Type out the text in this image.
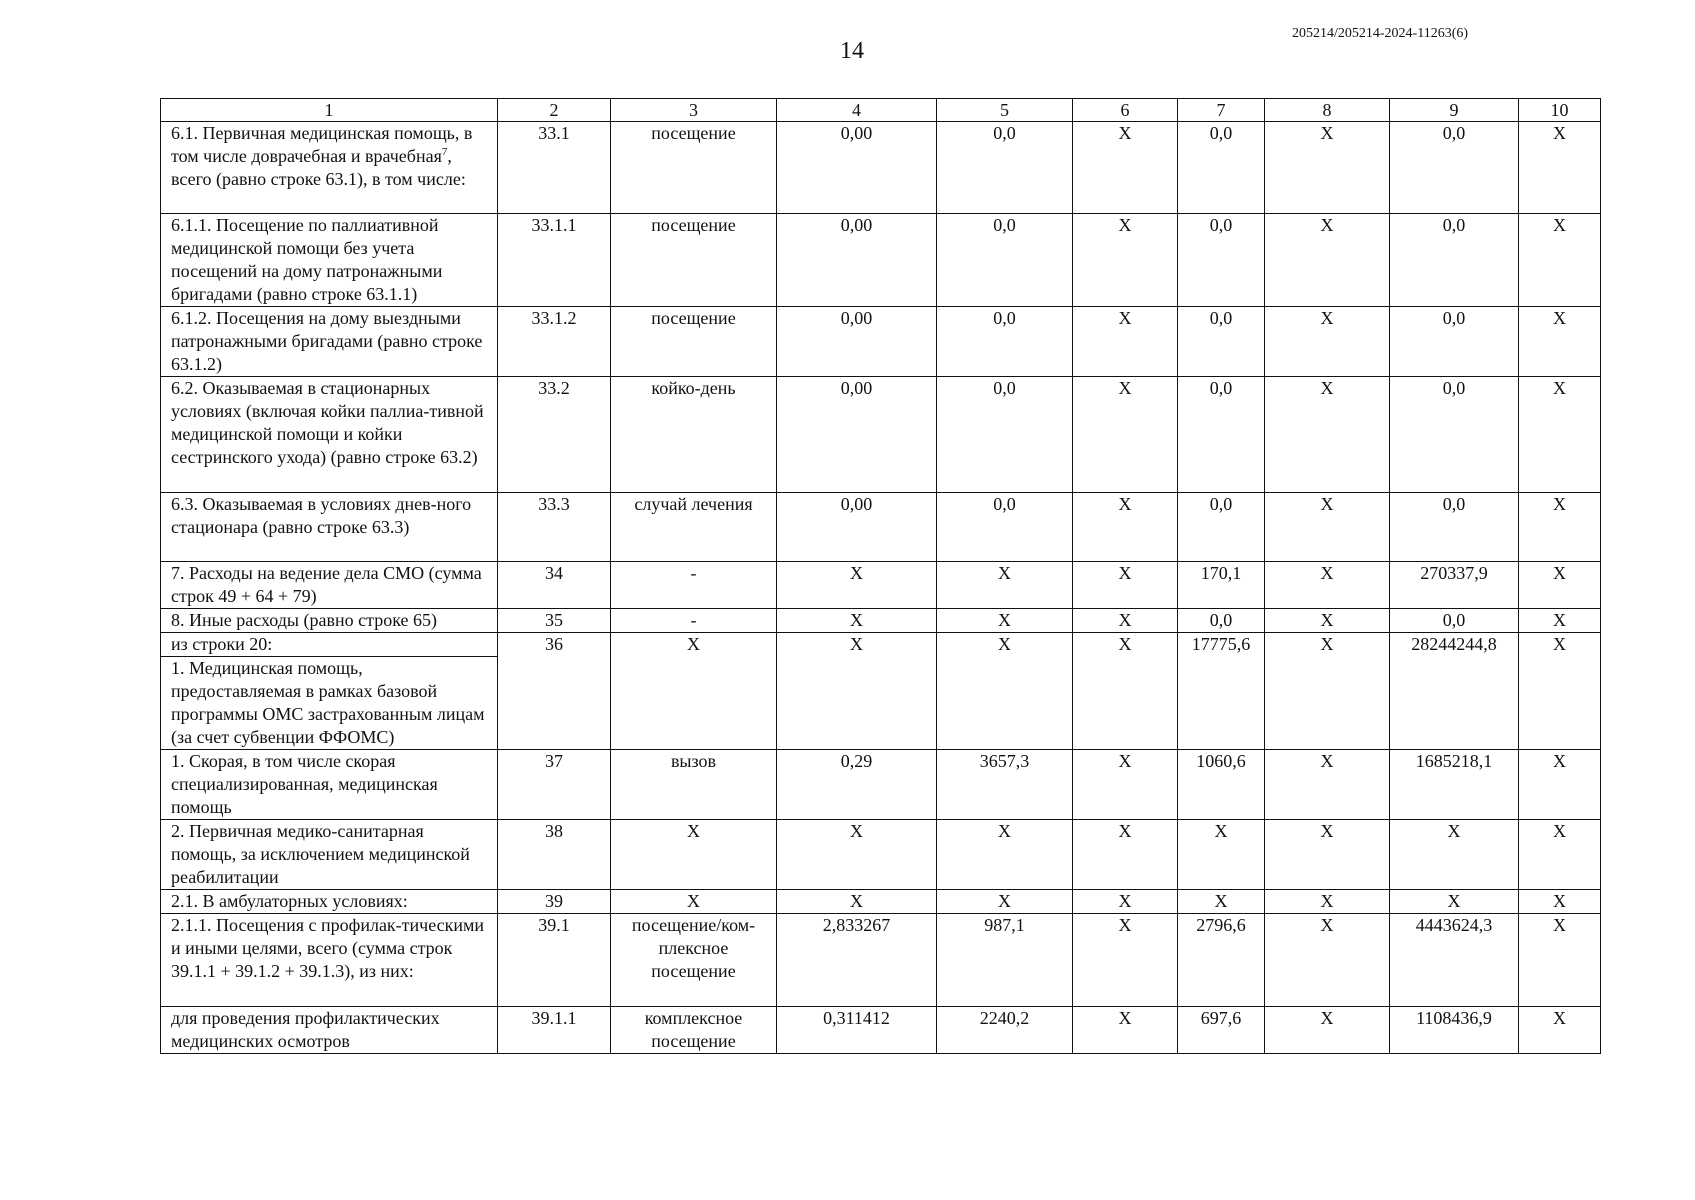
14
205214/205214-2024-11263(6)
1	2	3	4	5	6	7	8	9	10
6.1. Первичная медицинская помощь, в том числе доврачебная и врачебная$^7$, всего (равно строке 63.1), в том числе:	33.1	посещение	0,00	0,0	X	0,0	X	0,0	X
6.1.1. Посещение по паллиативной медицинской помощи без учета посещений на дому патронажными бригадами (равно строке 63.1.1)	33.1.1	посещение	0,00	0,0	X	0,0	X	0,0	X
6.1.2. Посещения на дому выездными патронажными бригадами (равно строке 63.1.2)	33.1.2	посещение	0,00	0,0	X	0,0	X	0,0	X
6.2. Оказываемая в стационарных условиях (включая койки паллиа-тивной медицинской помощи и койки сестринского ухода) (равно строке 63.2)	33.2	койко-день	0,00	0,0	X	0,0	X	0,0	X
6.3. Оказываемая в условиях днев-ного стационара (равно строке 63.3)	33.3	случай лечения	0,00	0,0	X	0,0	X	0,0	X
7. Расходы на ведение дела СМО (сумма строк 49 + 64 + 79)	34	-	X	X	X	170,1	X	270337,9	X
8. Иные расходы (равно строке 65)	35	-	X	X	X	0,0	X	0,0	X

из строки 20:
1. Медицинская помощь, предоставляемая в рамках базовой программы ОМС застрахованным лицам (за счет субвенции ФФОМС)	36	X	X	X	X	17775,6	X	28244244,8	X
1. Скорая, в том числе скорая специализированная, медицинская помощь	37	вызов	0,29	3657,3	X	1060,6	X	1685218,1	X
2. Первичная медико-санитарная помощь, за исключением медицинской реабилитации	38	X	X	X	X	X	X	X	X
2.1. В амбулаторных условиях:	39	X	X	X	X	X	X	X	X
2.1.1. Посещения с профилак-тическими и иными целями, всего (сумма строк 39.1.1 + 39.1.2 + 39.1.3), из них:	39.1	посещение/ком-плексное посещение	2,833267	987,1	X	2796,6	X	4443624,3	X
для проведения профилактических медицинских осмотров	39.1.1	комплексное посещение	0,311412	2240,2	X	697,6	X	1108436,9	X
